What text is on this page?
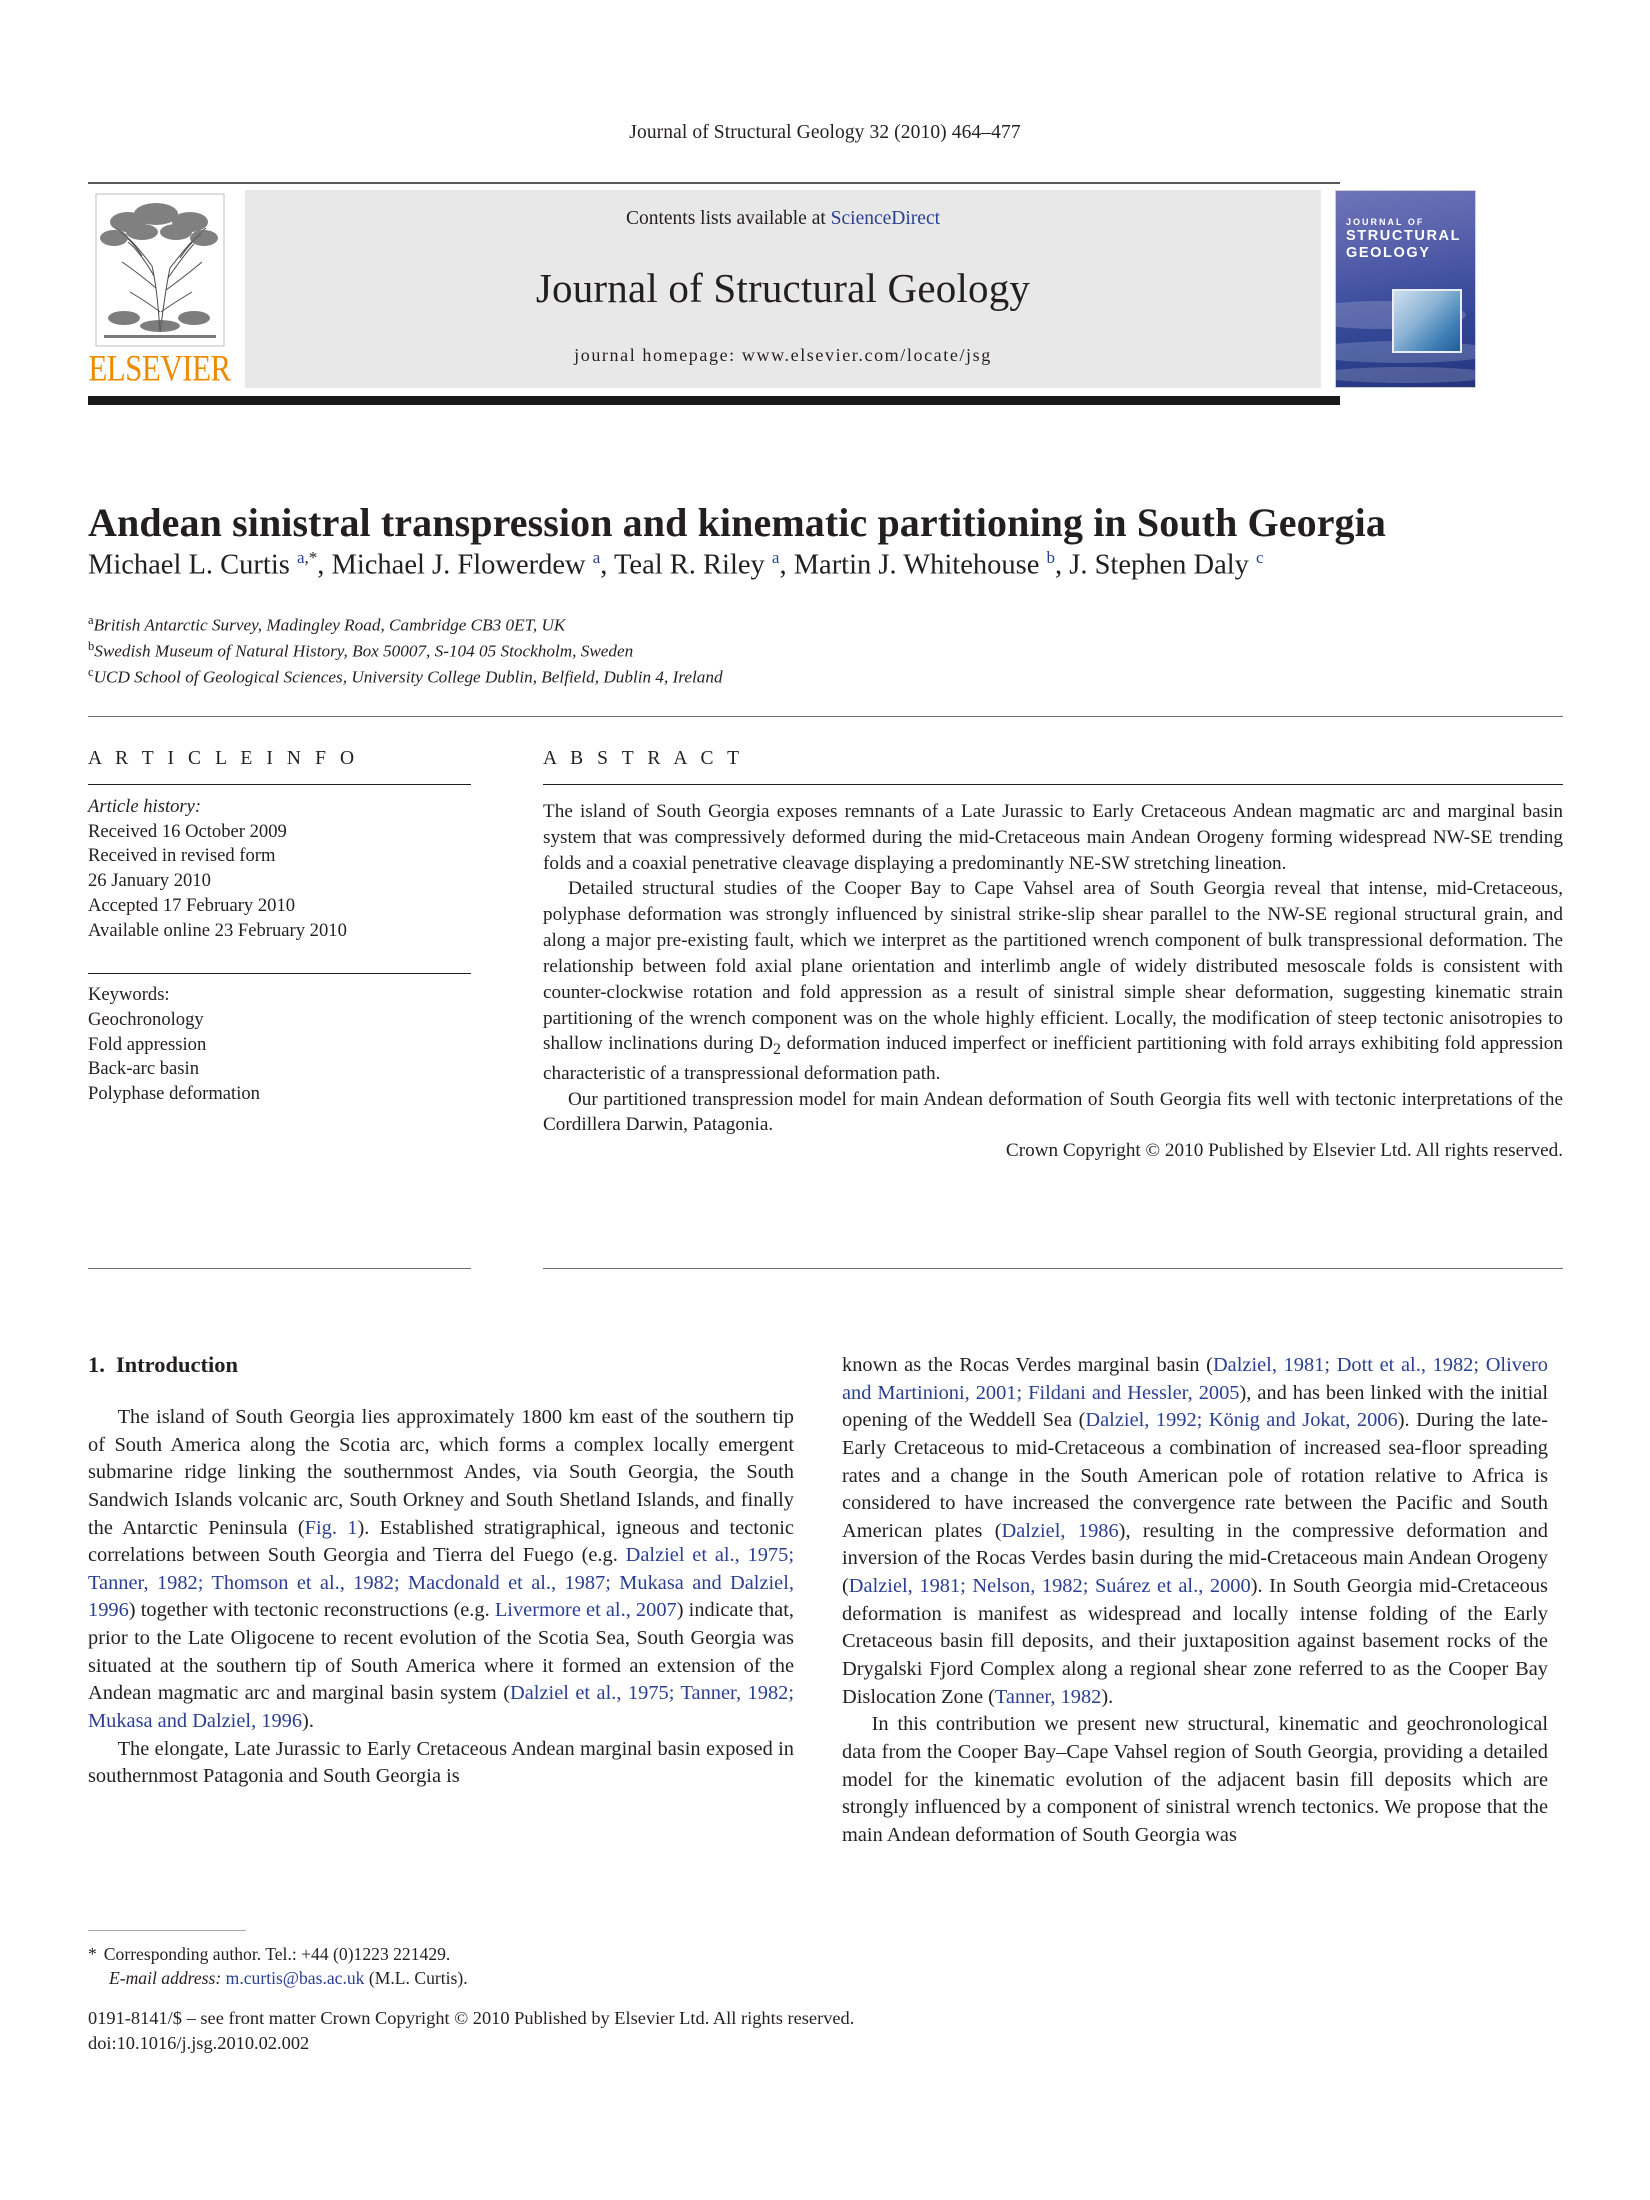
Journal of Structural Geology 32 (2010) 464–477
ELSEVIER
Contents lists available at ScienceDirect
Journal of Structural Geology
journal homepage: www.elsevier.com/locate/jsg
JOURNAL OF
STRUCTURAL
GEOLOGY
Andean sinistral transpression and kinematic partitioning in South Georgia
Michael L. Curtis $^{a,*}$, Michael J. Flowerdew $^a$, Teal R. Riley $^a$, Martin J. Whitehouse $^b$, J. Stephen Daly $^c$
$^a$British Antarctic Survey, Madingley Road, Cambridge CB3 0ET, UK
$^b$Swedish Museum of Natural History, Box 50007, S-104 05 Stockholm, Sweden
$^c$UCD School of Geological Sciences, University College Dublin, Belfield, Dublin 4, Ireland
A R T I C L E I N F O
Article history:
Received 16 October 2009
Received in revised form
26 January 2010
Accepted 17 February 2010
Available online 23 February 2010
Keywords:
Geochronology
Fold appression
Back-arc basin
Polyphase deformation
A B S T R A C T

The island of South Georgia exposes remnants of a Late Jurassic to Early Cretaceous Andean magmatic arc and marginal basin system that was compressively deformed during the mid-Cretaceous main Andean Orogeny forming widespread NW-SE trending folds and a coaxial penetrative cleavage displaying a predominantly NE-SW stretching lineation.

Detailed structural studies of the Cooper Bay to Cape Vahsel area of South Georgia reveal that intense, mid-Cretaceous, polyphase deformation was strongly influenced by sinistral strike-slip shear parallel to the NW-SE regional structural grain, and along a major pre-existing fault, which we interpret as the partitioned wrench component of bulk transpressional deformation. The relationship between fold axial plane orientation and interlimb angle of widely distributed mesoscale folds is consistent with counter-clockwise rotation and fold appression as a result of sinistral simple shear deformation, suggesting kinematic strain partitioning of the wrench component was on the whole highly efficient. Locally, the modification of steep tectonic anisotropies to shallow inclinations during $D_2$ deformation induced imperfect or inefficient partitioning with fold arrays exhibiting fold appression characteristic of a transpressional deformation path.

Our partitioned transpression model for main Andean deformation of South Georgia fits well with tectonic interpretations of the Cordillera Darwin, Patagonia.

Crown Copyright © 2010 Published by Elsevier Ltd. All rights reserved.
1. Introduction

The island of South Georgia lies approximately 1800 km east of the southern tip of South America along the Scotia arc, which forms a complex locally emergent submarine ridge linking the southernmost Andes, via South Georgia, the South Sandwich Islands volcanic arc, South Orkney and South Shetland Islands, and finally the Antarctic Peninsula (Fig. 1). Established stratigraphical, igneous and tectonic correlations between South Georgia and Tierra del Fuego (e.g. Dalziel et al., 1975; Tanner, 1982; Thomson et al., 1982; Macdonald et al., 1987; Mukasa and Dalziel, 1996) together with tectonic reconstructions (e.g. Livermore et al., 2007) indicate that, prior to the Late Oligocene to recent evolution of the Scotia Sea, South Georgia was situated at the southern tip of South America where it formed an extension of the Andean magmatic arc and marginal basin system (Dalziel et al., 1975; Tanner, 1982; Mukasa and Dalziel, 1996).

The elongate, Late Jurassic to Early Cretaceous Andean marginal basin exposed in southernmost Patagonia and South Georgia is

known as the Rocas Verdes marginal basin (Dalziel, 1981; Dott et al., 1982; Olivero and Martinioni, 2001; Fildani and Hessler, 2005), and has been linked with the initial opening of the Weddell Sea (Dalziel, 1992; König and Jokat, 2006). During the late-Early Cretaceous to mid-Cretaceous a combination of increased sea-floor spreading rates and a change in the South American pole of rotation relative to Africa is considered to have increased the convergence rate between the Pacific and South American plates (Dalziel, 1986), resulting in the compressive deformation and inversion of the Rocas Verdes basin during the mid-Cretaceous main Andean Orogeny (Dalziel, 1981; Nelson, 1982; Suárez et al., 2000). In South Georgia mid-Cretaceous deformation is manifest as widespread and locally intense folding of the Early Cretaceous basin fill deposits, and their juxtaposition against basement rocks of the Drygalski Fjord Complex along a regional shear zone referred to as the Cooper Bay Dislocation Zone (Tanner, 1982).

In this contribution we present new structural, kinematic and geochronological data from the Cooper Bay–Cape Vahsel region of South Georgia, providing a detailed model for the kinematic evolution of the adjacent basin fill deposits which are strongly influenced by a component of sinistral wrench tectonics. We propose that the main Andean deformation of South Georgia was

* Corresponding author. Tel.: +44 (0)1223 221429.
E-mail address: m.curtis@bas.ac.uk (M.L. Curtis).
0191-8141/$ – see front matter Crown Copyright © 2010 Published by Elsevier Ltd. All rights reserved.
doi:10.1016/j.jsg.2010.02.002
